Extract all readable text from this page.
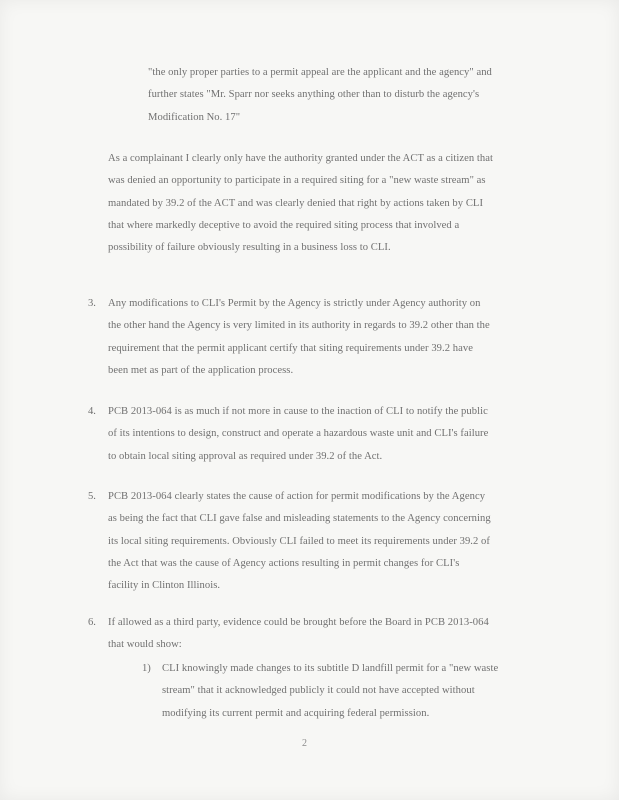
"the only proper parties to a permit appeal are the applicant and the agency" and

further states "Mr. Sparr nor seeks anything other than to disturb the agency's

Modification No. 17"

As a complainant I clearly only have the authority granted under the ACT as a citizen that

was denied an opportunity to participate in a required siting for a "new waste stream" as

mandated by 39.2 of the ACT and was clearly denied that right by actions taken by CLI

that where markedly deceptive to avoid the required siting process that involved a

possibility of failure obviously resulting in a business loss to CLI.

3. Any modifications to CLI's Permit by the Agency is strictly under Agency authority on

the other hand the Agency is very limited in its authority in regards to 39.2 other than the

requirement that the permit applicant certify that siting requirements under 39.2 have

been met as part of the application process.

4. PCB 2013-064 is as much if not more in cause to the inaction of CLI to notify the public

of its intentions to design, construct and operate a hazardous waste unit and CLI's failure

to obtain local siting approval as required under 39.2 of the Act.

5. PCB 2013-064 clearly states the cause of action for permit modifications by the Agency

as being the fact that CLI gave false and misleading statements to the Agency concerning

its local siting requirements. Obviously CLI failed to meet its requirements under 39.2 of

the Act that was the cause of Agency actions resulting in permit changes for CLI's

facility in Clinton Illinois.

6. If allowed as a third party, evidence could be brought before the Board in PCB 2013-064

that would show:

1) CLI knowingly made changes to its subtitle D landfill permit for a "new waste

stream" that it acknowledged publicly it could not have accepted without

modifying its current permit and acquiring federal permission.

2
